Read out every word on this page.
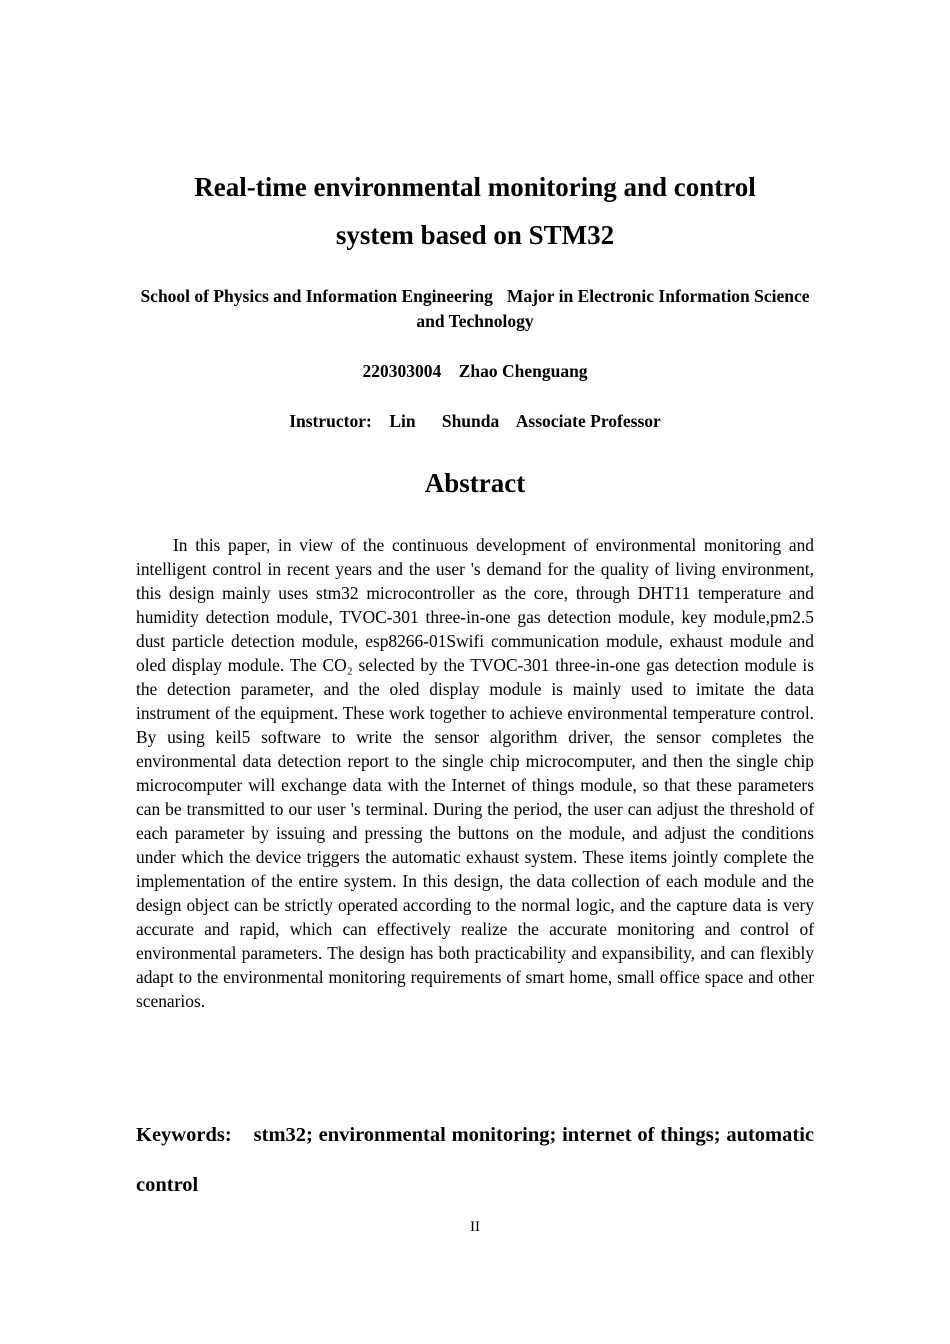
Real-time environmental monitoring and control
system based on STM32
School of Physics and Information Engineering Major in Electronic Information Science and Technology
220303004    Zhao Chenguang
Instructor:    Lin      Shunda    Associate Professor
Abstract

In this paper, in view of the continuous development of environmental monitoring and intelligent control in recent years and the user 's demand for the quality of living environment, this design mainly uses stm32 microcontroller as the core, through DHT11 temperature and humidity detection module, TVOC-301 three-in-one gas detection module, key module,pm2.5 dust particle detection module, esp8266-01Swifi communication module, exhaust module and oled display module. The CO₂ selected by the TVOC-301 three-in-one gas detection module is the detection parameter, and the oled display module is mainly used to imitate the data instrument of the equipment. These work together to achieve environmental temperature control. By using keil5 software to write the sensor algorithm driver, the sensor completes the environmental data detection report to the single chip microcomputer, and then the single chip microcomputer will exchange data with the Internet of things module, so that these parameters can be transmitted to our user 's terminal. During the period, the user can adjust the threshold of each parameter by issuing and pressing the buttons on the module, and adjust the conditions under which the device triggers the automatic exhaust system. These items jointly complete the implementation of the entire system. In this design, the data collection of each module and the design object can be strictly operated according to the normal logic, and the capture data is very accurate and rapid, which can effectively realize the accurate monitoring and control of environmental parameters. The design has both practicability and expansibility, and can flexibly adapt to the environmental monitoring requirements of smart home, small office space and other scenarios.

Keywords: stm32; environmental monitoring; internet of things; automatic control

II
